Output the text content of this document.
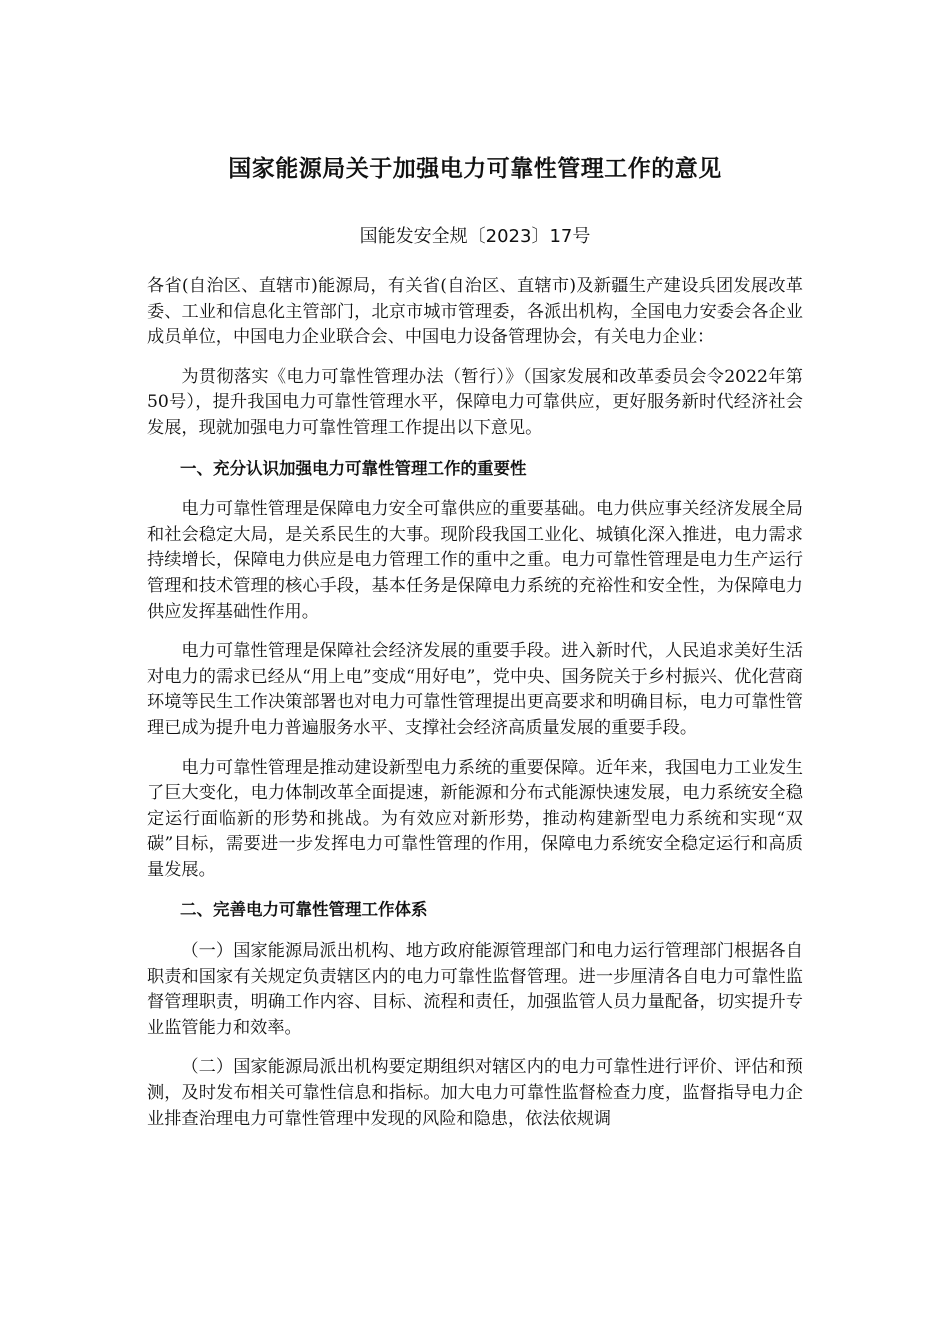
国家能源局关于加强电力可靠性管理工作的意见
国能发安全规〔2023〕17号

各省(自治区、直辖市)能源局，有关省(自治区、直辖市)及新疆生产建设兵团发展改革委、工业和信息化主管部门，北京市城市管理委，各派出机构，全国电力安委会各企业成员单位，中国电力企业联合会、中国电力设备管理协会，有关电力企业：

为贯彻落实《电力可靠性管理办法（暂行）》（国家发展和改革委员会令2022年第50号），提升我国电力可靠性管理水平，保障电力可靠供应，更好服务新时代经济社会发展，现就加强电力可靠性管理工作提出以下意见。

一、充分认识加强电力可靠性管理工作的重要性

电力可靠性管理是保障电力安全可靠供应的重要基础。电力供应事关经济发展全局和社会稳定大局，是关系民生的大事。现阶段我国工业化、城镇化深入推进，电力需求持续增长，保障电力供应是电力管理工作的重中之重。电力可靠性管理是电力生产运行管理和技术管理的核心手段，基本任务是保障电力系统的充裕性和安全性，为保障电力供应发挥基础性作用。

电力可靠性管理是保障社会经济发展的重要手段。进入新时代，人民追求美好生活对电力的需求已经从“用上电”变成“用好电”，党中央、国务院关于乡村振兴、优化营商环境等民生工作决策部署也对电力可靠性管理提出更高要求和明确目标，电力可靠性管理已成为提升电力普遍服务水平、支撑社会经济高质量发展的重要手段。

电力可靠性管理是推动建设新型电力系统的重要保障。近年来，我国电力工业发生了巨大变化，电力体制改革全面提速，新能源和分布式能源快速发展，电力系统安全稳定运行面临新的形势和挑战。为有效应对新形势，推动构建新型电力系统和实现“双碳”目标，需要进一步发挥电力可靠性管理的作用，保障电力系统安全稳定运行和高质量发展。

二、完善电力可靠性管理工作体系

（一）国家能源局派出机构、地方政府能源管理部门和电力运行管理部门根据各自职责和国家有关规定负责辖区内的电力可靠性监督管理。进一步厘清各自电力可靠性监督管理职责，明确工作内容、目标、流程和责任，加强监管人员力量配备，切实提升专业监管能力和效率。

（二）国家能源局派出机构要定期组织对辖区内的电力可靠性进行评价、评估和预测，及时发布相关可靠性信息和指标。加大电力可靠性监督检查力度，监督指导电力企业排查治理电力可靠性管理中发现的风险和隐患，依法依规调
